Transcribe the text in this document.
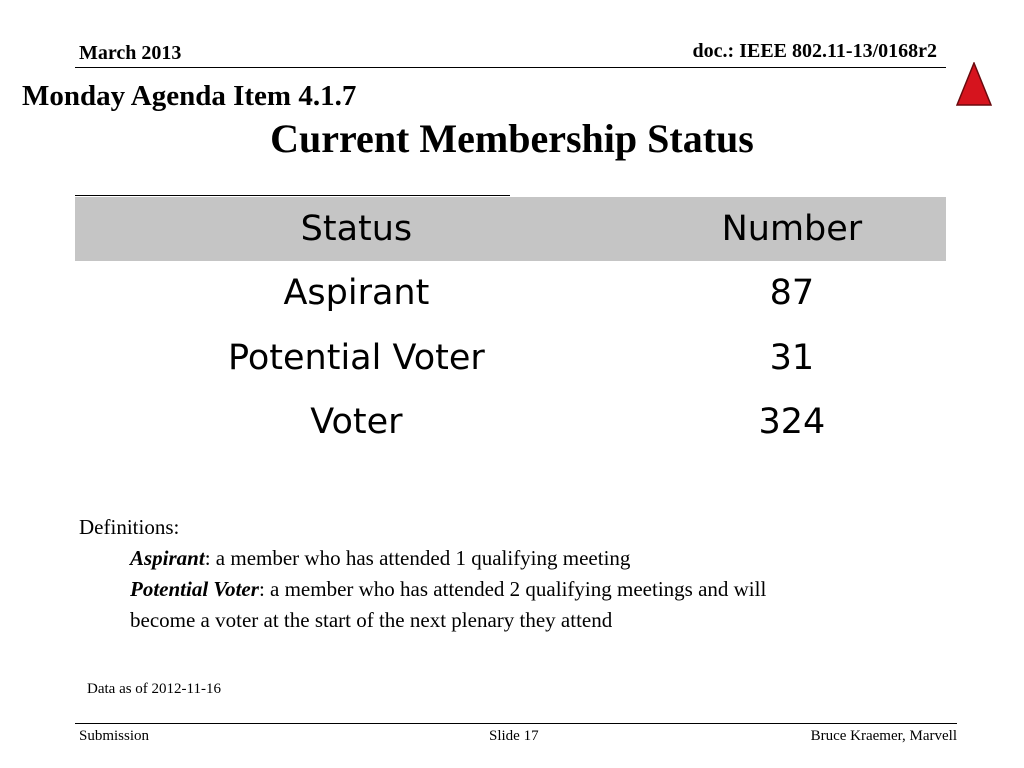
March 2013	doc.: IEEE 802.11-13/0168r2
Monday Agenda Item 4.1.7
Current Membership Status
Status	Number
Aspirant	87
Potential Voter	31
Voter	324
Definitions:
Aspirant: a member who has attended 1 qualifying meeting
Potential Voter: a member who has attended 2 qualifying meetings and will
become a voter at the start of the next plenary they attend
Data as of 2012-11-16
Submission	Slide 17	Bruce Kraemer, Marvell
